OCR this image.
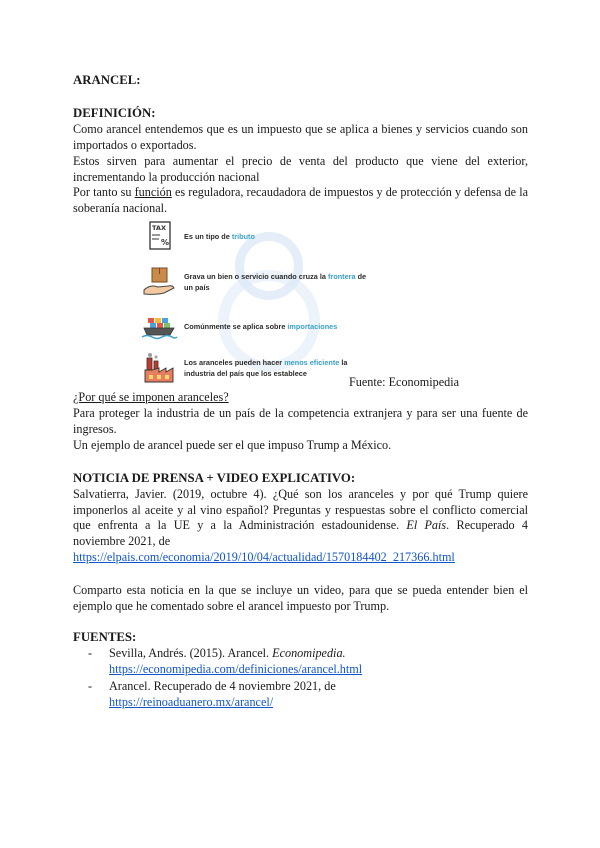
ARANCEL:
DEFINICIÓN:
Como arancel entendemos que es un impuesto que se aplica a bienes y servicios cuando son importados o exportados.
Estos sirven para aumentar el precio de venta del producto que viene del exterior, incrementando la producción nacional
Por tanto su función es reguladora, recaudadora de impuestos y de protección y defensa de la soberanía nacional.
TAX
%
Es un tipo de tributo
Grava un bien o servicio cuando cruza la frontera de un país
Comúnmente se aplica sobre importaciones
Los aranceles pueden hacer menos eficiente la industria del país que los establece
Fuente: Economipedia
¿Por qué se imponen aranceles?
Para proteger la industria de un país de la competencia extranjera y para ser una fuente de ingresos.
Un ejemplo de arancel puede ser el que impuso Trump a México.
NOTICIA DE PRENSA + VIDEO EXPLICATIVO:
Salvatierra, Javier. (2019, octubre 4). ¿Qué son los aranceles y por qué Trump quiere imponerlos al aceite y al vino español? Preguntas y respuestas sobre el conflicto comercial que enfrenta a la UE y a la Administración estadounidense. El País. Recuperado 4 noviembre 2021, de
https://elpais.com/economia/2019/10/04/actualidad/1570184402_217366.html
Comparto esta noticia en la que se incluye un video, para que se pueda entender bien el ejemplo que he comentado sobre el arancel impuesto por Trump.
FUENTES:
- Sevilla, Andrés. (2015). Arancel. Economipedia.
https://economipedia.com/definiciones/arancel.html
- Arancel. Recuperado de 4 noviembre 2021, de
https://reinoaduanero.mx/arancel/
